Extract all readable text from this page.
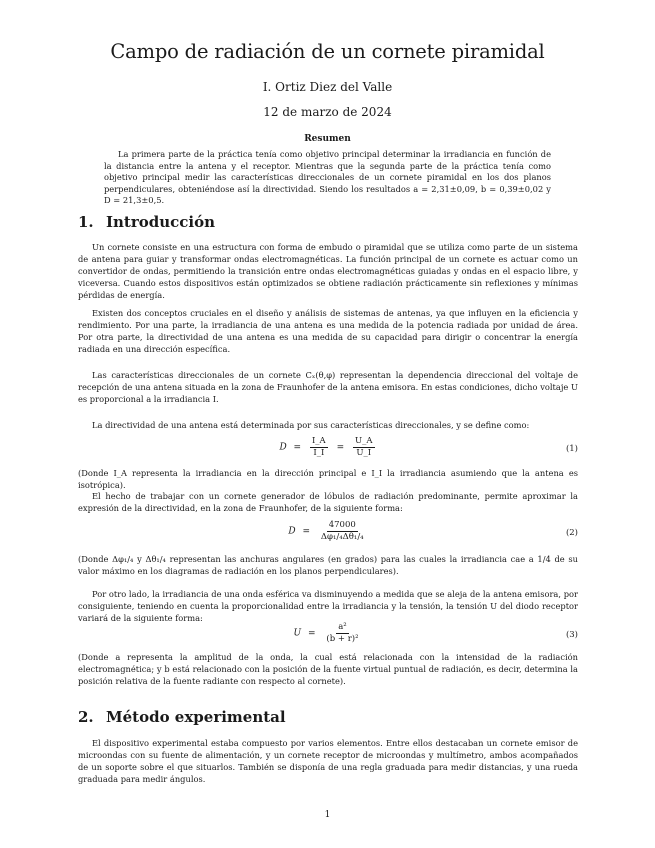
Campo de radiación de un cornete piramidal
I. Ortiz Diez del Valle
12 de marzo de 2024
Resumen
La primera parte de la práctica tenía como objetivo principal determinar la irradiancia en función de la distancia entre la antena y el receptor. Mientras que la segunda parte de la práctica tenía como objetivo principal medir las características direccionales de un cornete piramidal en los dos planos perpendiculares, obteniéndose así la directividad. Siendo los resultados a = 2,31±0,09, b = 0,39±0,02 y D = 21,3±0,5.
1. Introducción
Un cornete consiste en una estructura con forma de embudo o piramidal que se utiliza como parte de un sistema de antena para guiar y transformar ondas electromagnéticas. La función principal de un cornete es actuar como un convertidor de ondas, permitiendo la transición entre ondas electromagnéticas guiadas y ondas en el espacio libre, y viceversa. Cuando estos dispositivos están optimizados se obtiene radiación prácticamente sin reflexiones y mínimas pérdidas de energía.
Existen dos conceptos cruciales en el diseño y análisis de sistemas de antenas, ya que influyen en la eficiencia y rendimiento. Por una parte, la irradiancia de una antena es una medida de la potencia radiada por unidad de área. Por otra parte, la directividad de una antena es una medida de su capacidad para dirigir o concentrar la energía radiada en una dirección específica.
Las características direccionales de un cornete Cₓ(θ,φ) representan la dependencia direccional del voltaje de recepción de una antena situada en la zona de Fraunhofer de la antena emisora. En estas condiciones, dicho voltaje U es proporcional a la irradiancia I.
La directividad de una antena está determinada por sus características direccionales, y se define como:
$D = \frac{I\_A}{I\_I} = \frac{U\_A}{U\_I}$	(1)
(Donde I_A representa la irradiancia en la dirección principal e I_I la irradiancia asumiendo que la antena es isotrópica).
El hecho de trabajar con un cornete generador de lóbulos de radiación predominante, permite aproximar la expresión de la directividad, en la zona de Fraunhofer, de la siguiente forma:
$D = \frac{47000}{\text{Δφ₁/₄Δθ₁/₄}}$	(2)
(Donde Δφ₁/₄ y Δθ₁/₄ representan las anchuras angulares (en grados) para las cuales la irradiancia cae a 1/4 de su valor máximo en los diagramas de radiación en los planos perpendiculares).
Por otro lado, la irradiancia de una onda esférica va disminuyendo a medida que se aleja de la antena emisora, por consiguiente, teniendo en cuenta la proporcionalidad entre la irradiancia y la tensión, la tensión U del diodo receptor variará de la siguiente forma:
$U = \frac{\text{a²}}{\text{(b + r)²}}$	(3)
(Donde a representa la amplitud de la onda, la cual está relacionada con la intensidad de la radiación electromagnética; y b está relacionado con la posición de la fuente virtual puntual de radiación, es decir, determina la posición relativa de la fuente radiante con respecto al cornete).
2. Método experimental
El dispositivo experimental estaba compuesto por varios elementos. Entre ellos destacaban un cornete emisor de microondas con su fuente de alimentación, y un cornete receptor de microondas y multímetro, ambos acompañados de un soporte sobre el que situarlos. También se disponía de una regla graduada para medir distancias, y una rueda graduada para medir ángulos.
1
